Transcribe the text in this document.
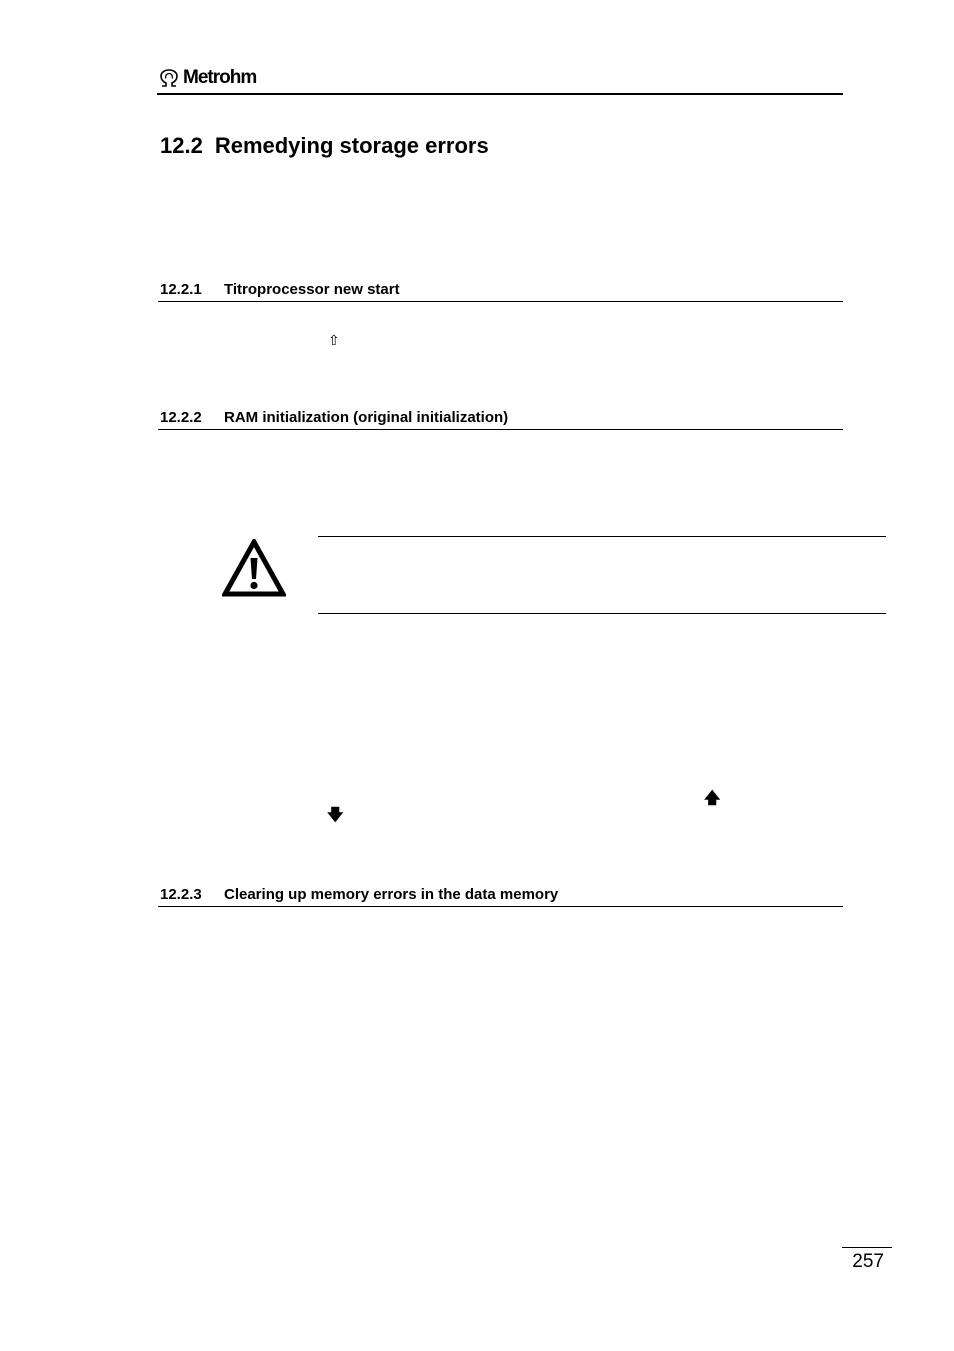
Metrohm
12.2 Remedying storage errors
12.2.1 Titroprocessor new start
⇧
12.2.2 RAM initialization (original initialization)
🡅
🡇
12.2.3 Clearing up memory errors in the data memory
257
